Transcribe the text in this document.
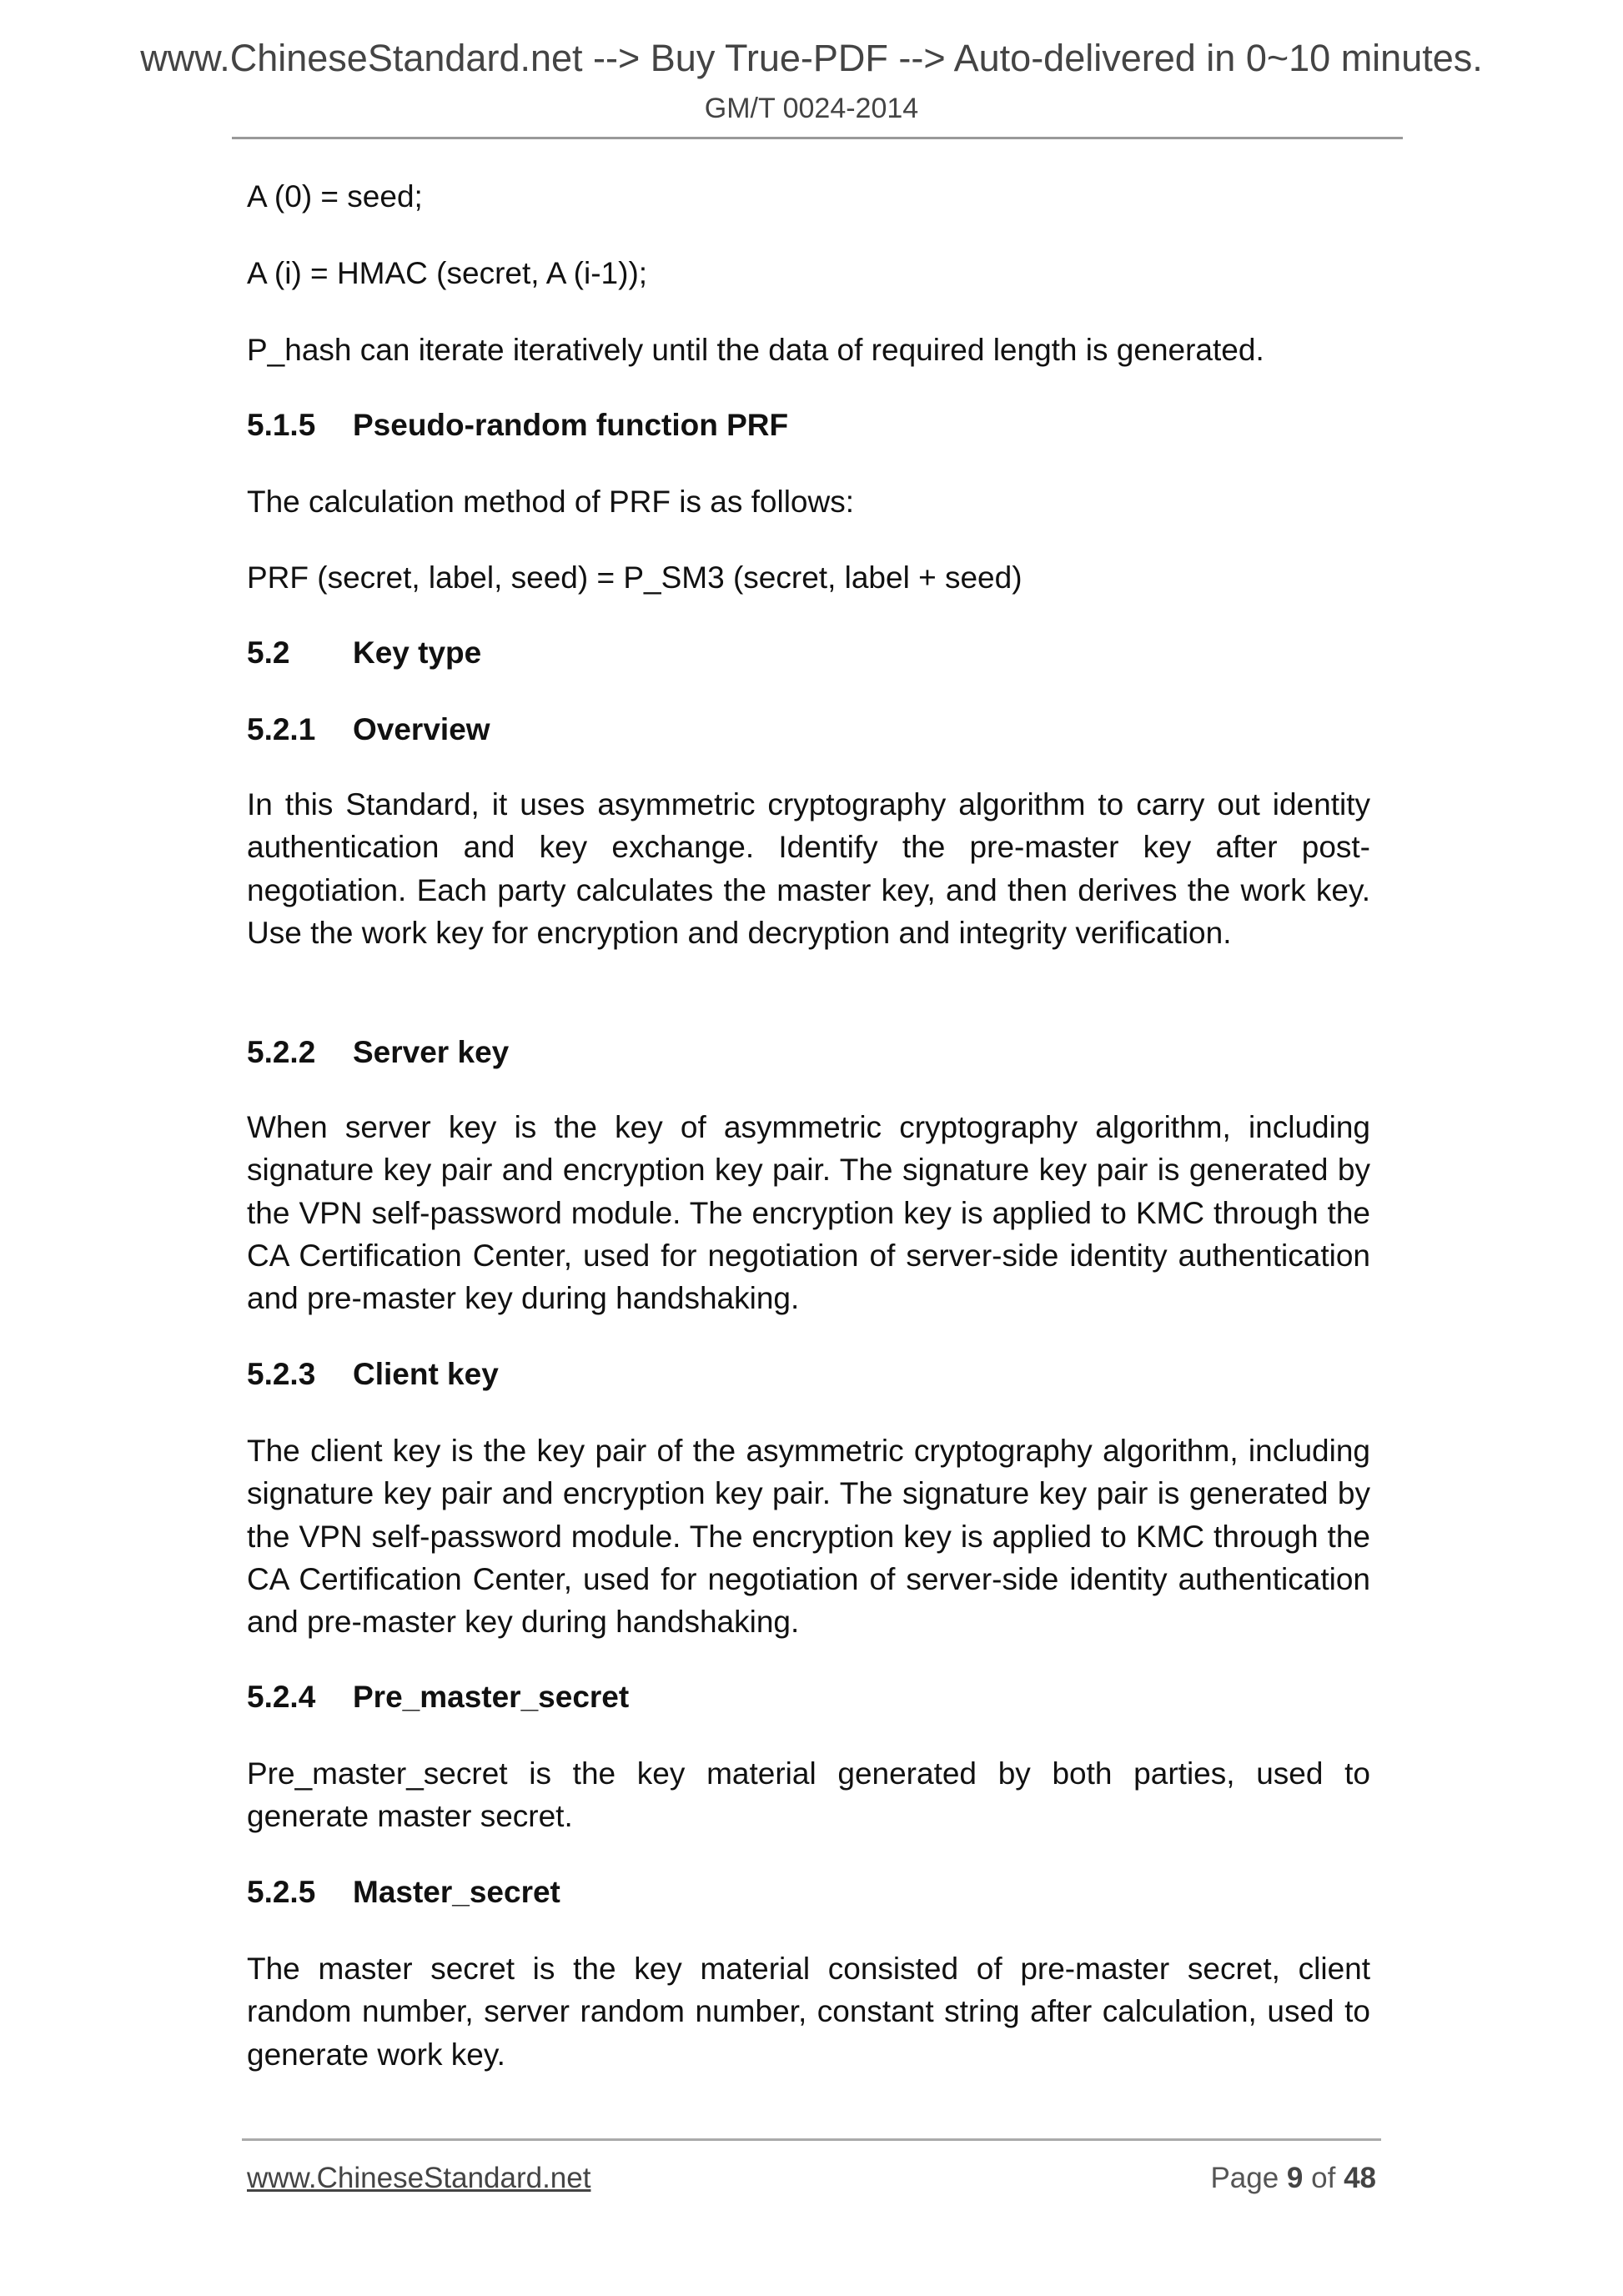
www.ChineseStandard.net --> Buy True-PDF --> Auto-delivered in 0~10 minutes.
GM/T 0024-2014
A (0) = seed;
A (i) = HMAC (secret, A (i-1));
P_hash can iterate iteratively until the data of required length is generated.
5.1.5 Pseudo-random function PRF
The calculation method of PRF is as follows:
PRF (secret, label, seed) = P_SM3 (secret, label + seed)
5.2 Key type
5.2.1 Overview
In this Standard, it uses asymmetric cryptography algorithm to carry out identity authentication and key exchange. Identify the pre-master key after post-negotiation. Each party calculates the master key, and then derives the work key. Use the work key for encryption and decryption and integrity verification.
5.2.2 Server key
When server key is the key of asymmetric cryptography algorithm, including signature key pair and encryption key pair. The signature key pair is generated by the VPN self-password module. The encryption key is applied to KMC through the CA Certification Center, used for negotiation of server-side identity authentication and pre-master key during handshaking.
5.2.3 Client key
The client key is the key pair of the asymmetric cryptography algorithm, including signature key pair and encryption key pair. The signature key pair is generated by the VPN self-password module. The encryption key is applied to KMC through the CA Certification Center, used for negotiation of server-side identity authentication and pre-master key during handshaking.
5.2.4 Pre_master_secret
Pre_master_secret is the key material generated by both parties, used to generate master secret.
5.2.5 Master_secret
The master secret is the key material consisted of pre-master secret, client random number, server random number, constant string after calculation, used to generate work key.
www.ChineseStandard.net	Page 9 of 48
